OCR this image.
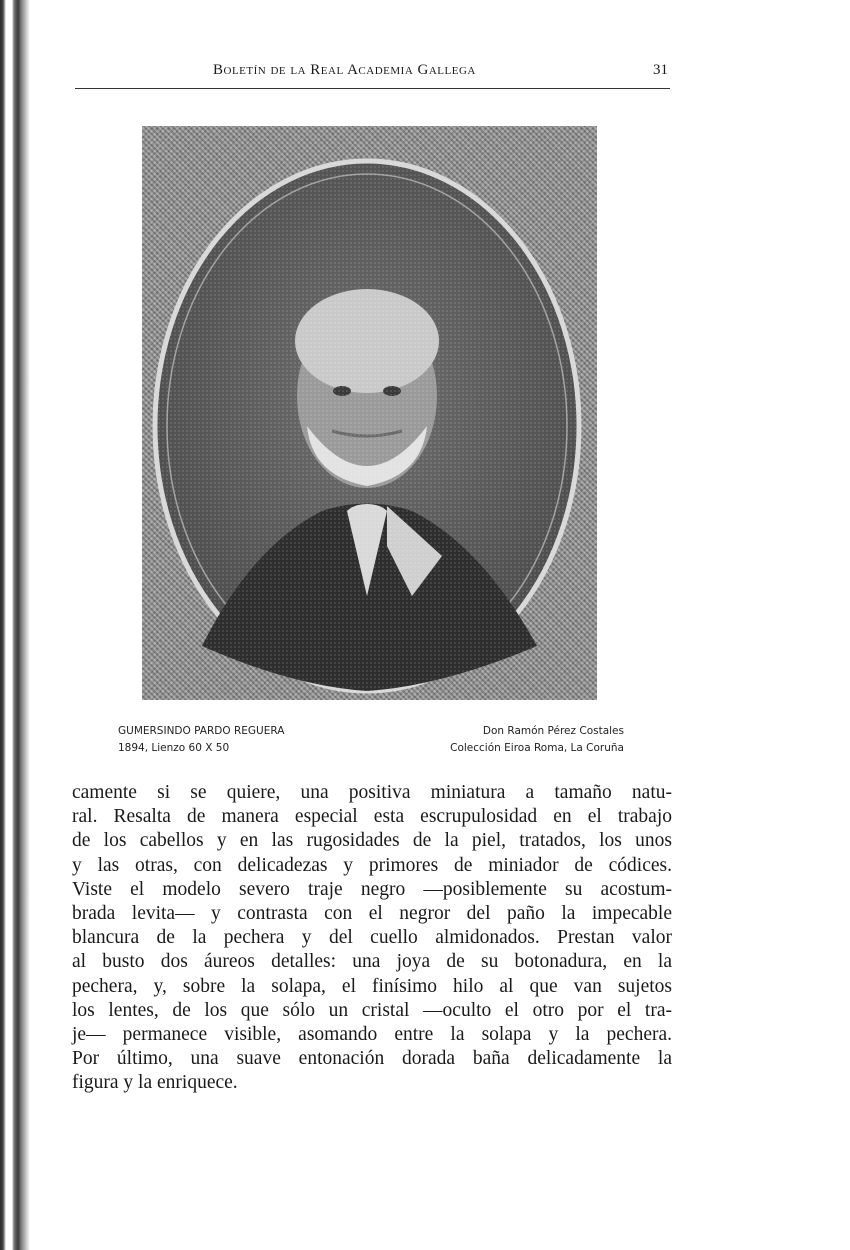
Boletín de la Real Academia Gallega	31
GUMERSINDO PARDO REGUERA
1894, Lienzo 60 X 50
Don Ramón Pérez Costales
Colección Eiroa Roma, La Coruña
camente si se quiere, una positiva miniatura a tamaño natu-
ral. Resalta de manera especial esta escrupulosidad en el trabajo
de los cabellos y en las rugosidades de la piel, tratados, los unos
y las otras, con delicadezas y primores de miniador de códices.
Viste el modelo severo traje negro —posiblemente su acostum-
brada levita— y contrasta con el negror del paño la impecable
blancura de la pechera y del cuello almidonados. Prestan valor
al busto dos áureos detalles: una joya de su botonadura, en la
pechera, y, sobre la solapa, el finísimo hilo al que van sujetos
los lentes, de los que sólo un cristal —oculto el otro por el tra-
je— permanece visible, asomando entre la solapa y la pechera.
Por último, una suave entonación dorada baña delicadamente la
figura y la enriquece.
